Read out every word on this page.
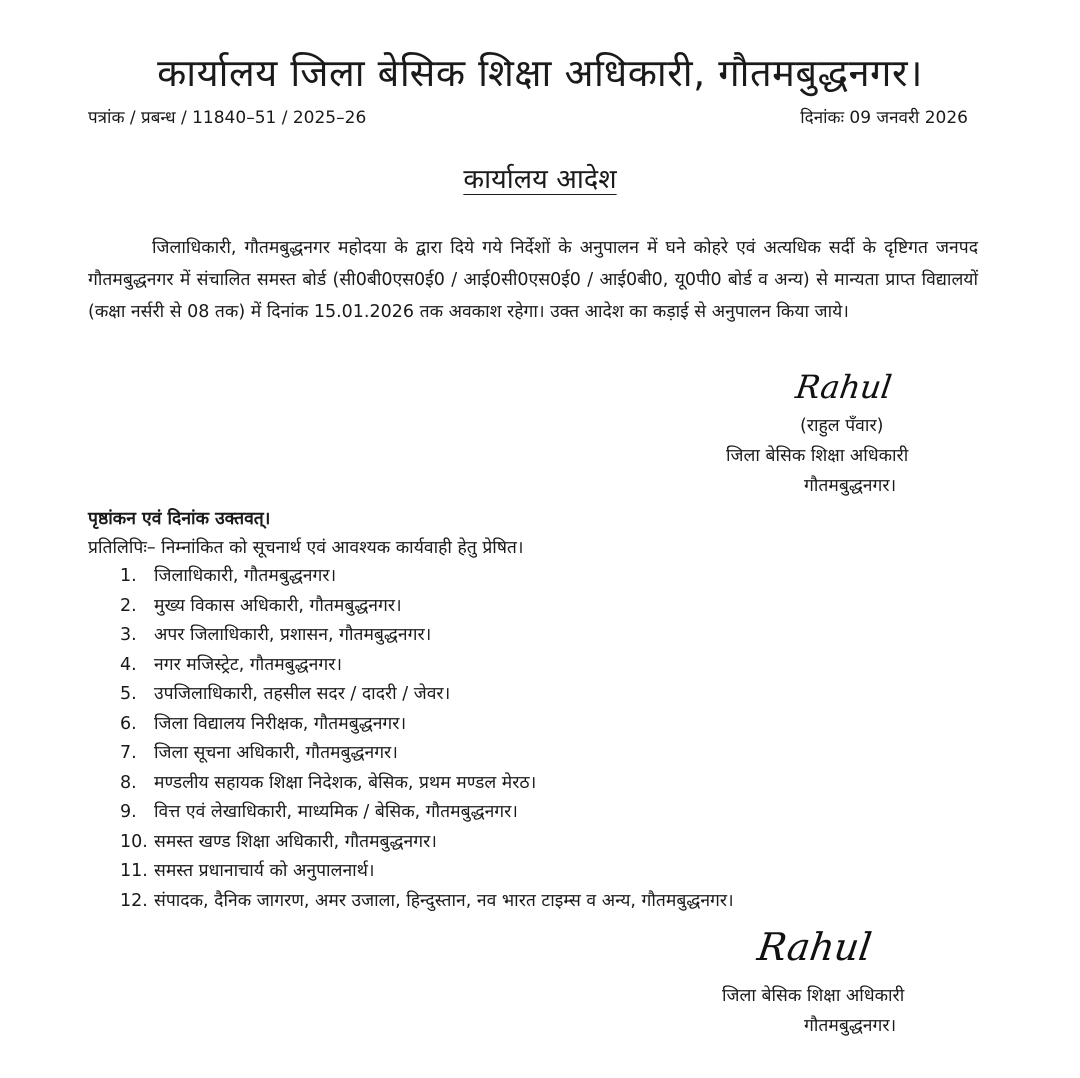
कार्यालय जिला बेसिक शिक्षा अधिकारी, गौतमबुद्धनगर।
पत्रांक / प्रबन्ध / 11840–51 / 2025–26	दिनांकः 09 जनवरी 2026
कार्यालय आदेश

जिलाधिकारी, गौतमबुद्धनगर महोदया के द्वारा दिये गये निर्देशों के अनुपालन में घने कोहरे एवं अत्यधिक सर्दी के दृष्टिगत जनपद गौतमबुद्धनगर में संचालित समस्त बोर्ड (सी0बी0एस0ई0 / आई0सी0एस0ई0 / आई0बी0, यू0पी0 बोर्ड व अन्य) से मान्यता प्राप्त विद्यालयों (कक्षा नर्सरी से 08 तक) में दिनांक 15.01.2026 तक अवकाश रहेगा। उक्त आदेश का कड़ाई से अनुपालन किया जाये।

Rahul
(राहुल पँवार)
जिला बेसिक शिक्षा अधिकारी
गौतमबुद्धनगर।
पृष्ठांकन एवं दिनांक उक्तवत्।
प्रतिलिपिः– निम्नांकित को सूचनार्थ एवं आवश्यक कार्यवाही हेतु प्रेषित।
1. जिलाधिकारी, गौतमबुद्धनगर।
2. मुख्य विकास अधिकारी, गौतमबुद्धनगर।
3. अपर जिलाधिकारी, प्रशासन, गौतमबुद्धनगर।
4. नगर मजिस्ट्रेट, गौतमबुद्धनगर।
5. उपजिलाधिकारी, तहसील सदर / दादरी / जेवर।
6. जिला विद्यालय निरीक्षक, गौतमबुद्धनगर।
7. जिला सूचना अधिकारी, गौतमबुद्धनगर।
8. मण्डलीय सहायक शिक्षा निदेशक, बेसिक, प्रथम मण्डल मेरठ।
9. वित्त एवं लेखाधिकारी, माध्यमिक / बेसिक, गौतमबुद्धनगर।
10. समस्त खण्ड शिक्षा अधिकारी, गौतमबुद्धनगर।
11. समस्त प्रधानाचार्य को अनुपालनार्थ।
12. संपादक, दैनिक जागरण, अमर उजाला, हिन्दुस्तान, नव भारत टाइम्स व अन्य, गौतमबुद्धनगर।
Rahul
जिला बेसिक शिक्षा अधिकारी
गौतमबुद्धनगर।
